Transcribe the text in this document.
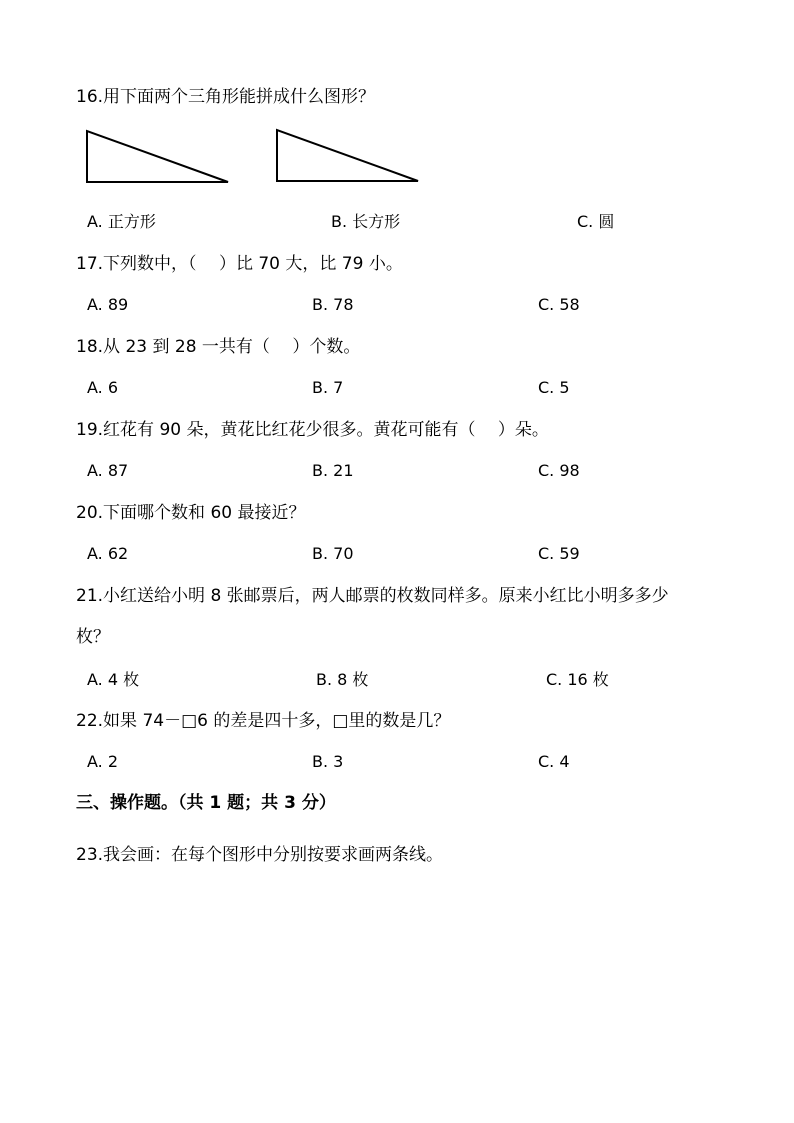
16.用下面两个三角形能拼成什么图形？
A. 正方形	B. 长方形	C. 圆
17.下列数中，（　 ）比 70 大，比 79 小。
A. 89	B. 78	C. 58
18.从 23 到 28 一共有（　 ）个数。
A. 6	B. 7	C. 5
19.红花有 90 朵，黄花比红花少很多。黄花可能有（　 ）朵。
A. 87	B. 21	C. 98
20.下面哪个数和 60 最接近？
A. 62	B. 70	C. 59
21.小红送给小明 8 张邮票后，两人邮票的枚数同样多。原来小红比小明多多少
枚？
A. 4 枚	B. 8 枚	C. 16 枚
22.如果 74－□6 的差是四十多，□里的数是几？
A. 2	B. 3	C. 4
三、操作题。（共 1 题；共 3 分）
23.我会画：在每个图形中分别按要求画两条线。
